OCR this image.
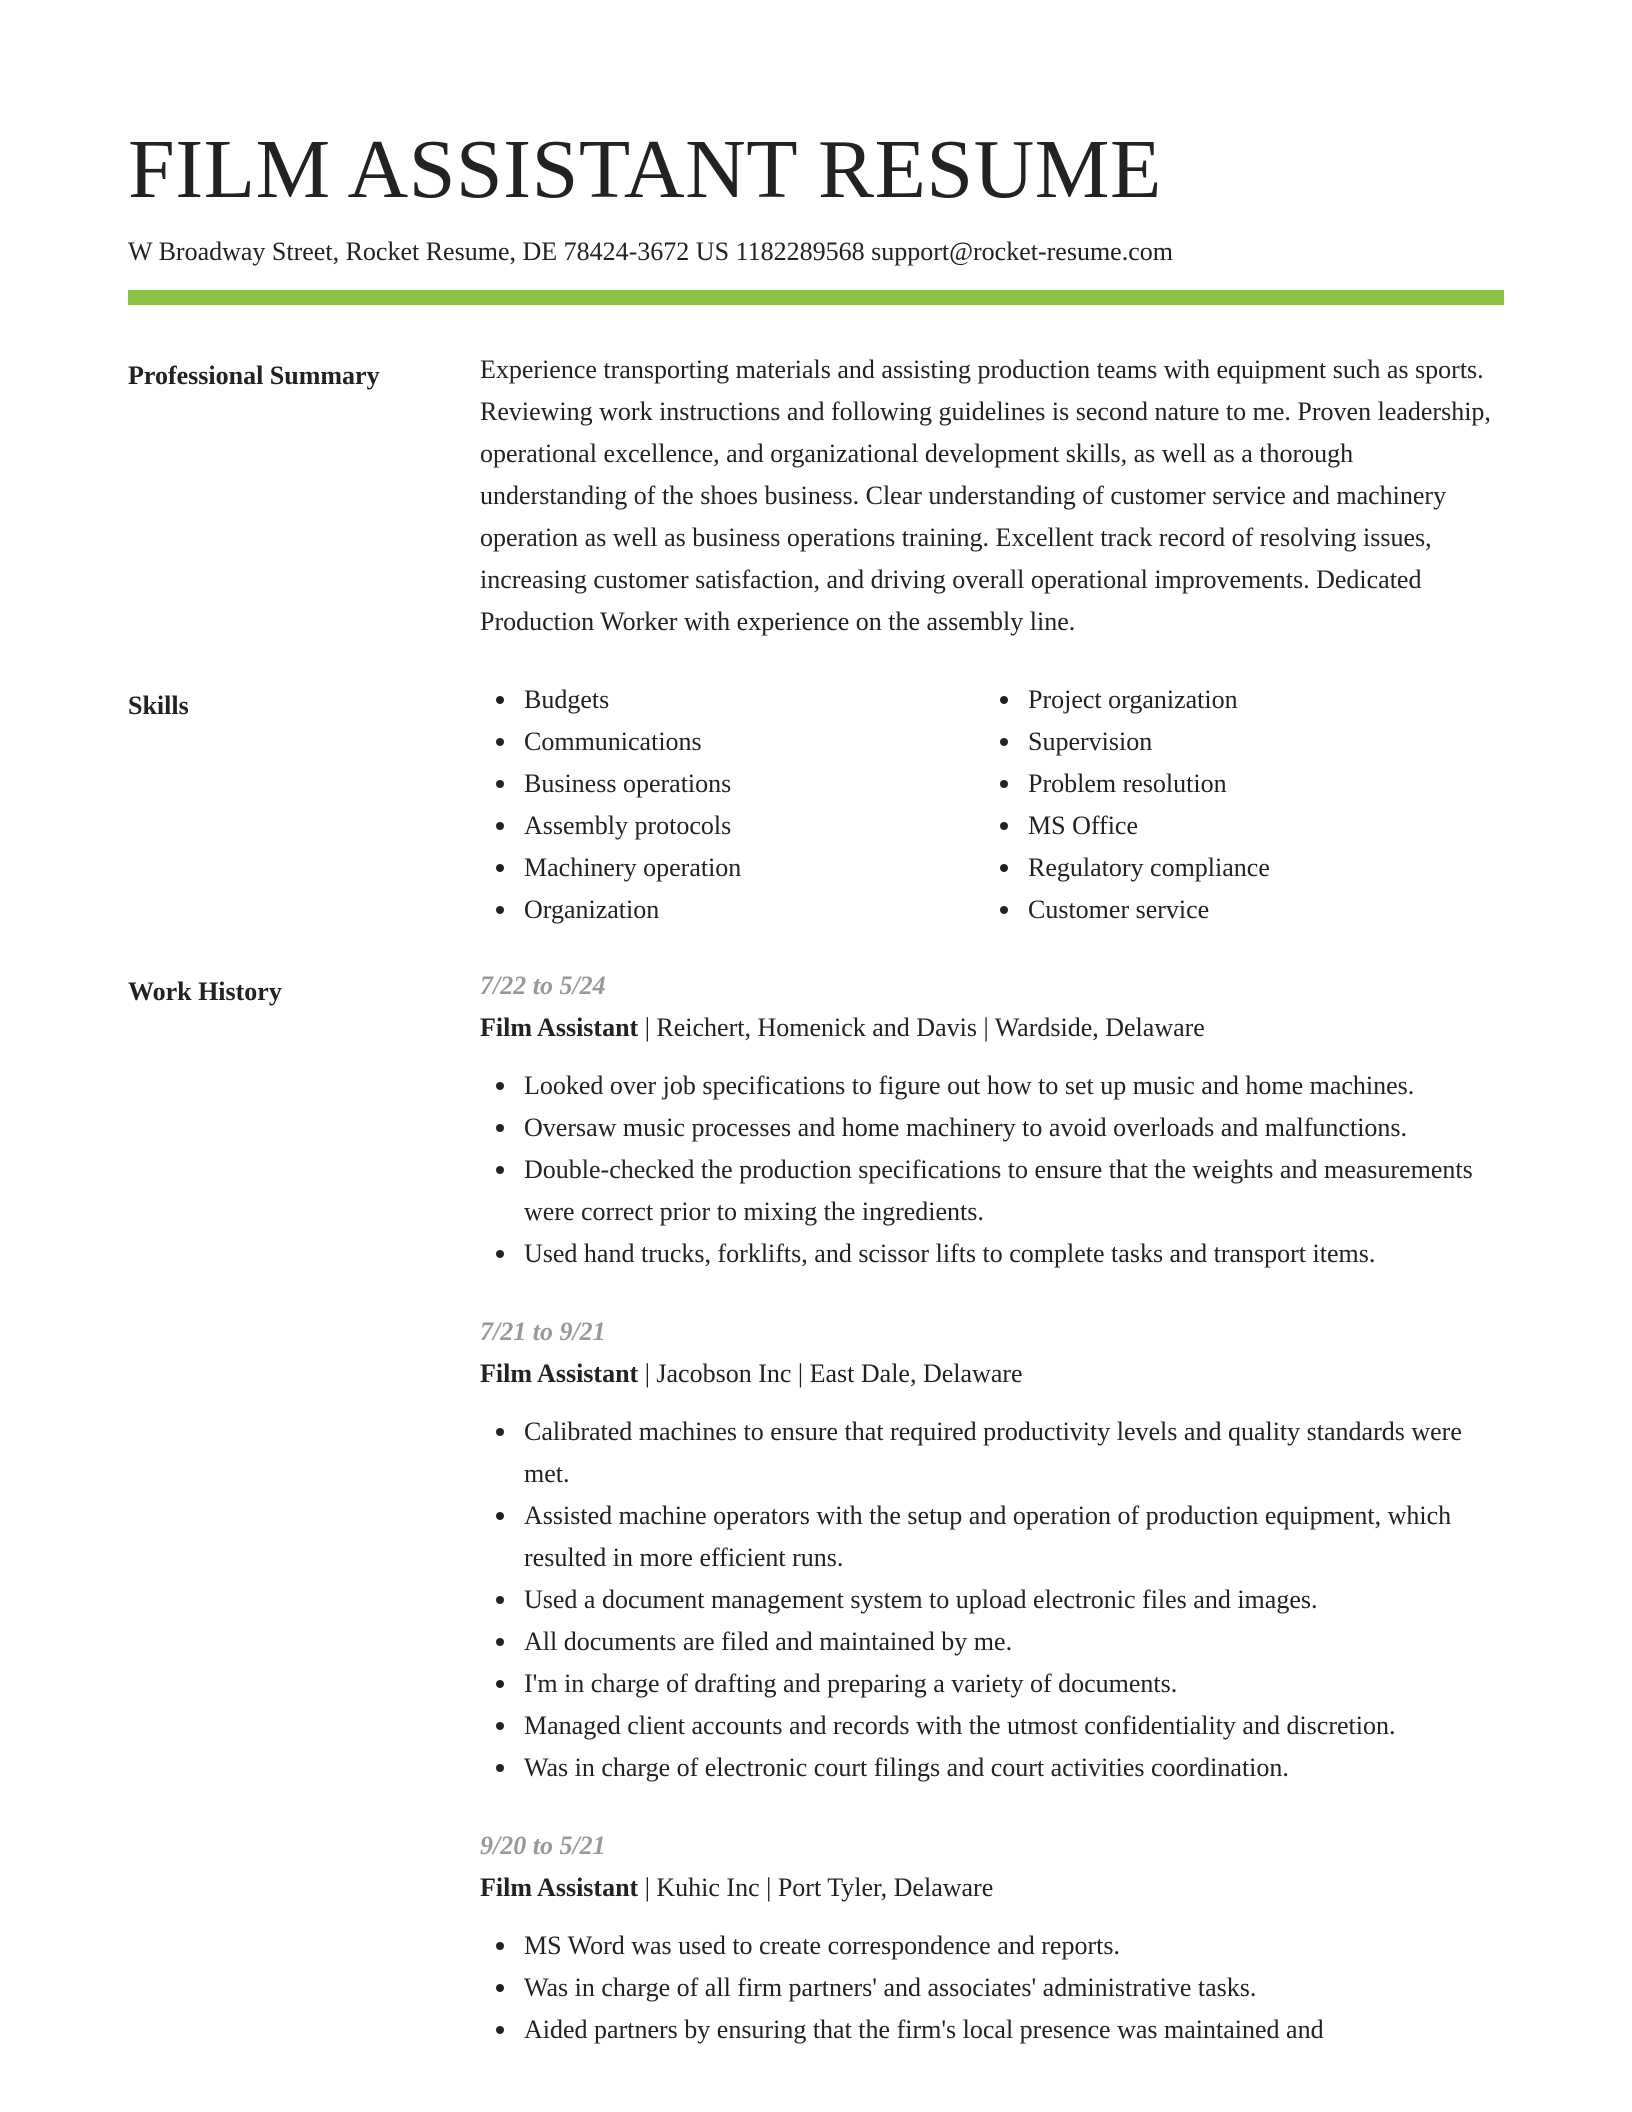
FILM ASSISTANT RESUME
W Broadway Street, Rocket Resume, DE 78424-3672 US 1182289568 support@rocket-resume.com
Professional Summary	Experience transporting materials and assisting production teams with equipment such as sports. Reviewing work instructions and following guidelines is second nature to me. Proven leadership, operational excellence, and organizational development skills, as well as a thorough understanding of the shoes business. Clear understanding of customer service and machinery operation as well as business operations training. Excellent track record of resolving issues, increasing customer satisfaction, and driving overall operational improvements. Dedicated Production Worker with experience on the assembly line.

Skills	Budgets
Communications
Business operations
Assembly protocols
Machinery operation
Organization
Project organization
Supervision
Problem resolution
MS Office
Regulatory compliance
Customer service
Work History	7/22 to 5/24
Film Assistant | Reichert, Homenick and Davis | Wardside, Delaware
Looked over job specifications to figure out how to set up music and home machines.
Oversaw music processes and home machinery to avoid overloads and malfunctions.
Double-checked the production specifications to ensure that the weights and measurements were correct prior to mixing the ingredients.
Used hand trucks, forklifts, and scissor lifts to complete tasks and transport items.
7/21 to 9/21
Film Assistant | Jacobson Inc | East Dale, Delaware
Calibrated machines to ensure that required productivity levels and quality standards were met.
Assisted machine operators with the setup and operation of production equipment, which resulted in more efficient runs.
Used a document management system to upload electronic files and images.
All documents are filed and maintained by me.
I'm in charge of drafting and preparing a variety of documents.
Managed client accounts and records with the utmost confidentiality and discretion.
Was in charge of electronic court filings and court activities coordination.
9/20 to 5/21
Film Assistant | Kuhic Inc | Port Tyler, Delaware
MS Word was used to create correspondence and reports.
Was in charge of all firm partners' and associates' administrative tasks.
Aided partners by ensuring that the firm's local presence was maintained and
